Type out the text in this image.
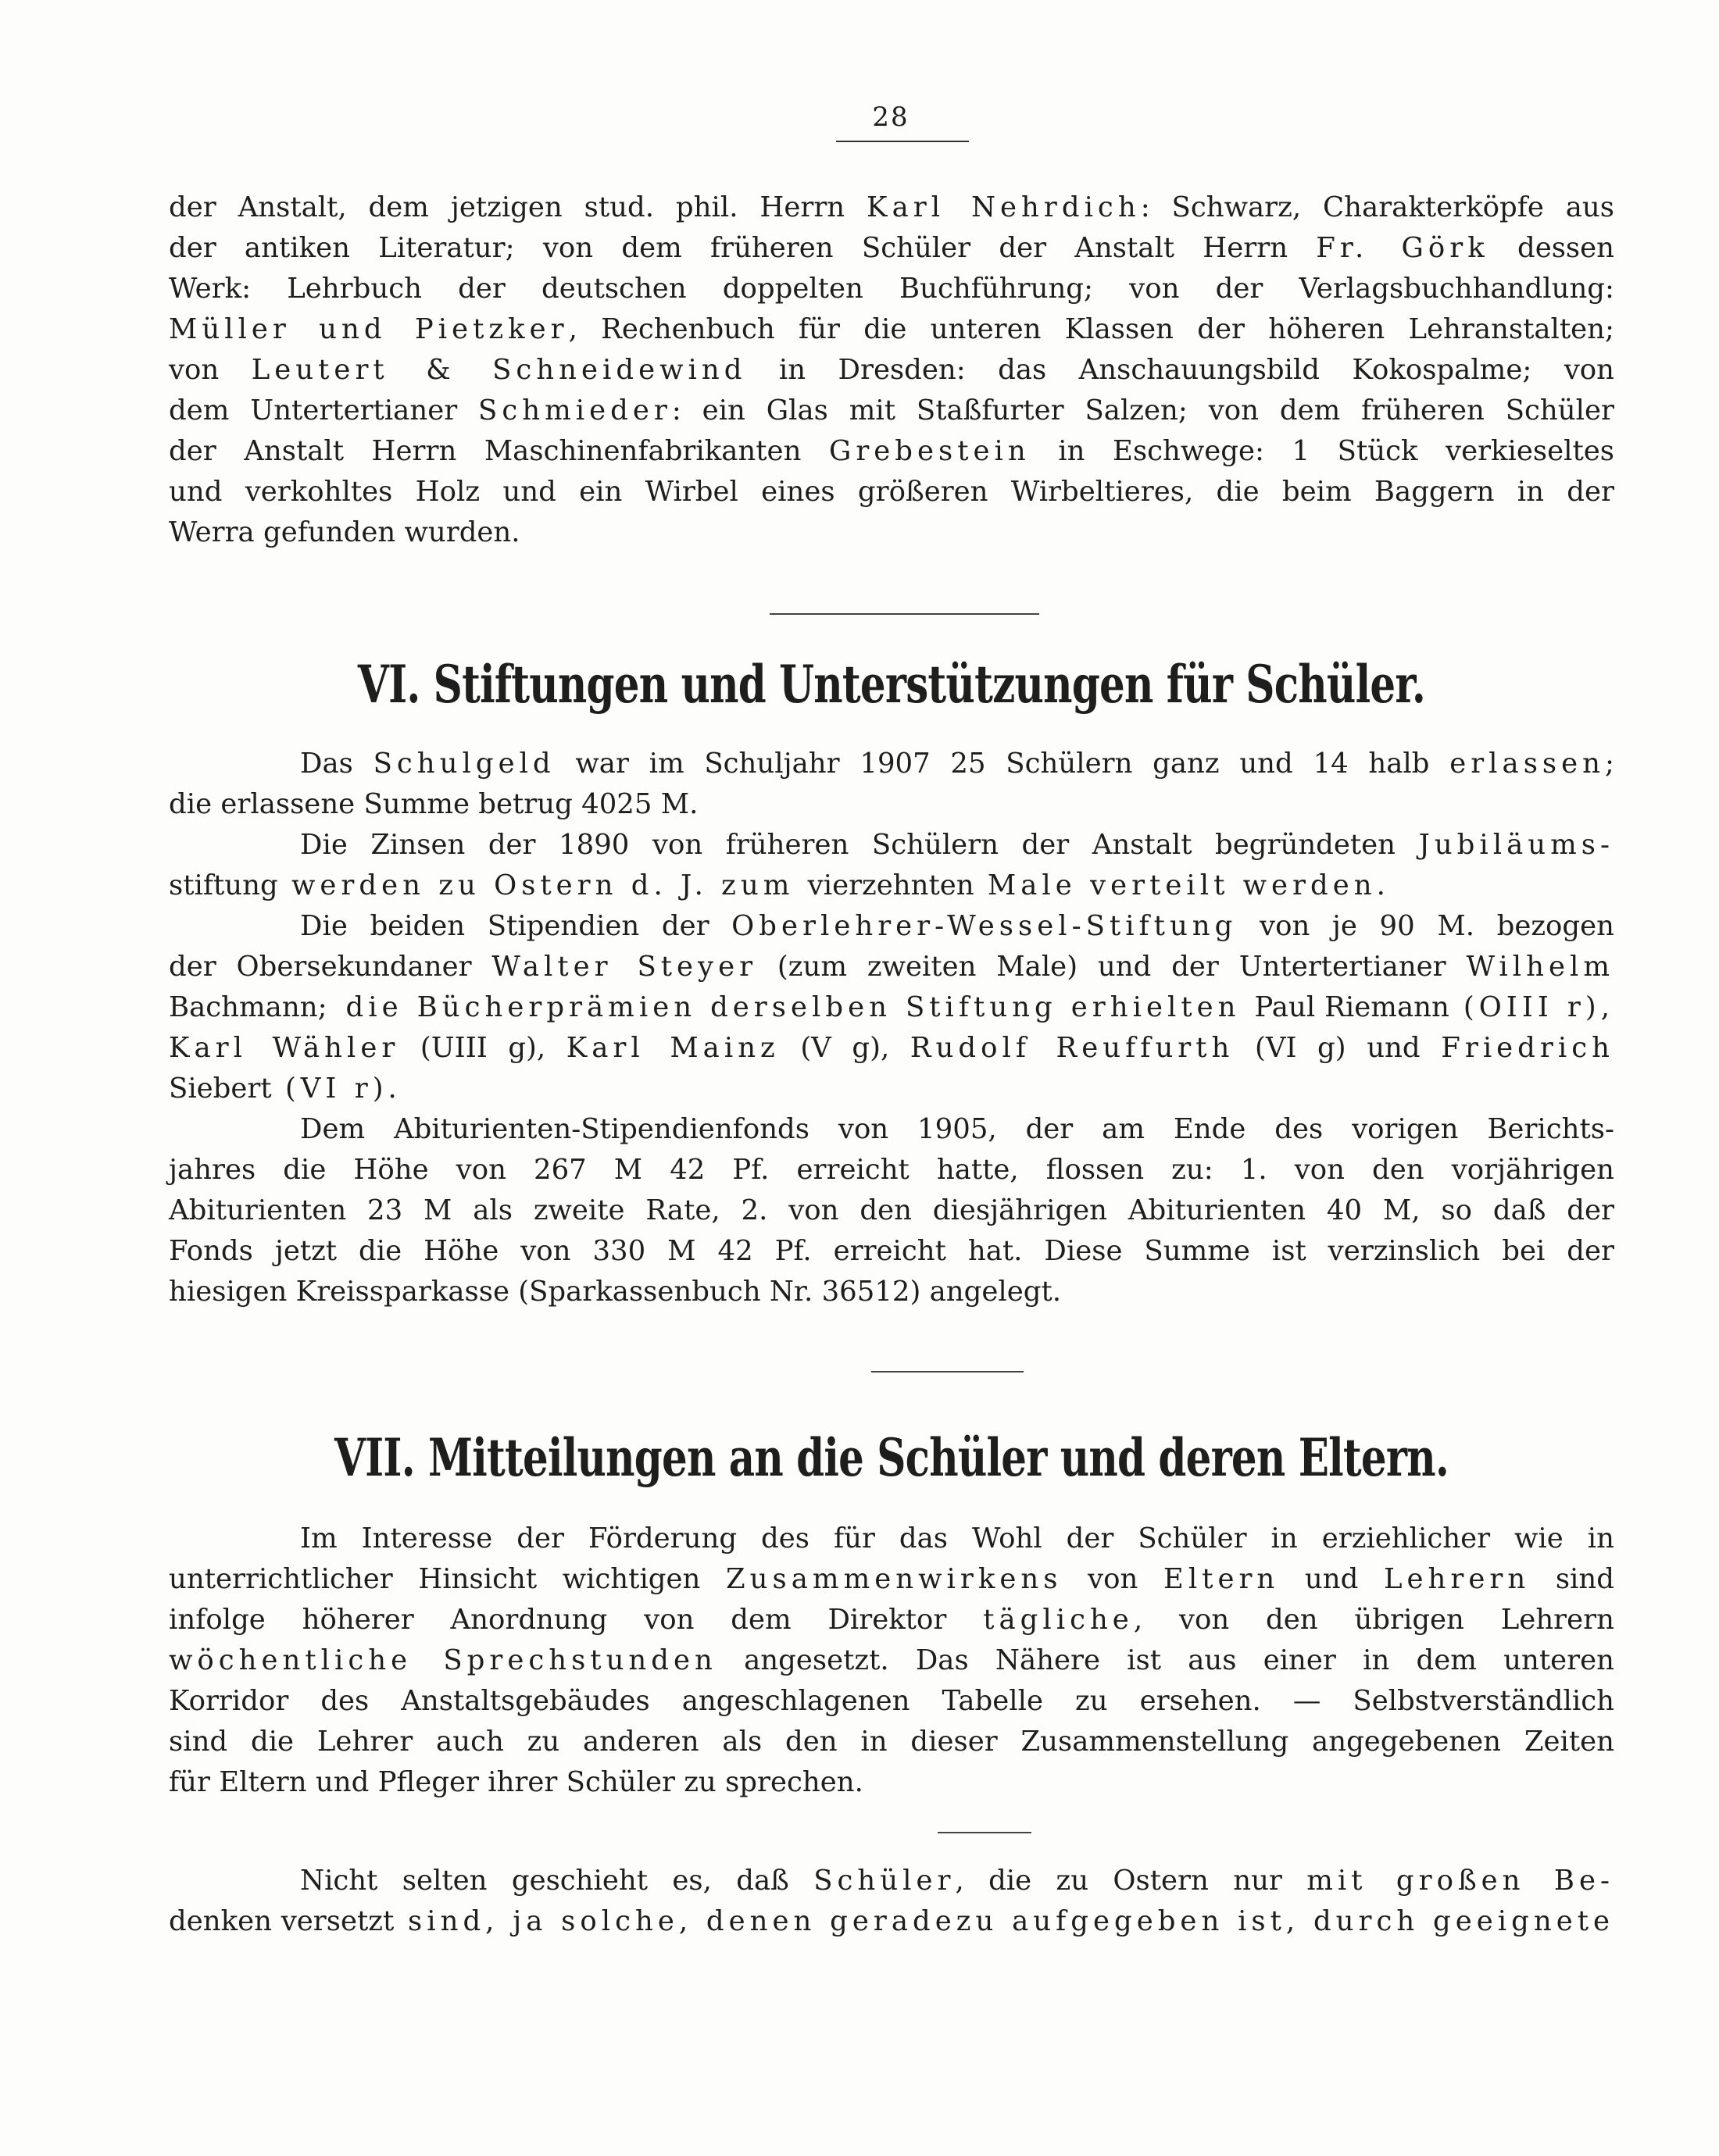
28
der Anstalt, dem jetzigen stud. phil. Herrn Karl Nehrdich: Schwarz, Charakterköpfe aus
der antiken Literatur; von dem früheren Schüler der Anstalt Herrn Fr. Görk dessen
Werk: Lehrbuch der deutschen doppelten Buchführung; von der Verlagsbuchhandlung:
Müller und Pietzker, Rechenbuch für die unteren Klassen der höheren Lehranstalten;
von Leutert & Schneidewind in Dresden: das Anschauungsbild Kokospalme; von
dem Untertertianer Schmieder: ein Glas mit Staßfurter Salzen; von dem früheren Schüler
der Anstalt Herrn Maschinenfabrikanten Grebestein in Eschwege: 1 Stück verkieseltes
und verkohltes Holz und ein Wirbel eines größeren Wirbeltieres, die beim Baggern in der
Werra gefunden wurden.
VI. Stiftungen und Unterstützungen für Schüler.
Das Schulgeld war im Schuljahr 1907 25 Schülern ganz und 14 halb erlassen;
die erlassene Summe betrug 4025 M.
Die Zinsen der 1890 von früheren Schülern der Anstalt begründeten Jubiläums-
stiftung werden zu Ostern d. J. zum vierzehnten Male verteilt werden.
Die beiden Stipendien der Oberlehrer-Wessel-Stiftung von je 90 M. bezogen
der Obersekundaner Walter Steyer (zum zweiten Male) und der Untertertianer Wilhelm
Bachmann; die Bücherprämien derselben Stiftung erhielten Paul Riemann (OIII r),
Karl Wähler (UIII g), Karl Mainz (V g), Rudolf Reuffurth (VI g) und Friedrich
Siebert (VI r).
Dem Abiturienten-Stipendienfonds von 1905, der am Ende des vorigen Berichts-
jahres die Höhe von 267 M 42 Pf. erreicht hatte, flossen zu: 1. von den vorjährigen
Abiturienten 23 M als zweite Rate, 2. von den diesjährigen Abiturienten 40 M, so daß der
Fonds jetzt die Höhe von 330 M 42 Pf. erreicht hat. Diese Summe ist verzinslich bei der
hiesigen Kreissparkasse (Sparkassenbuch Nr. 36512) angelegt.
VII. Mitteilungen an die Schüler und deren Eltern.
Im Interesse der Förderung des für das Wohl der Schüler in erziehlicher wie in
unterrichtlicher Hinsicht wichtigen Zusammenwirkens von Eltern und Lehrern sind
infolge höherer Anordnung von dem Direktor tägliche, von den übrigen Lehrern
wöchentliche Sprechstunden angesetzt. Das Nähere ist aus einer in dem unteren
Korridor des Anstaltsgebäudes angeschlagenen Tabelle zu ersehen. — Selbstverständlich
sind die Lehrer auch zu anderen als den in dieser Zusammenstellung angegebenen Zeiten
für Eltern und Pfleger ihrer Schüler zu sprechen.
Nicht selten geschieht es, daß Schüler, die zu Ostern nur mit großen Be-
denken versetzt sind, ja solche, denen geradezu aufgegeben ist, durch geeignete
